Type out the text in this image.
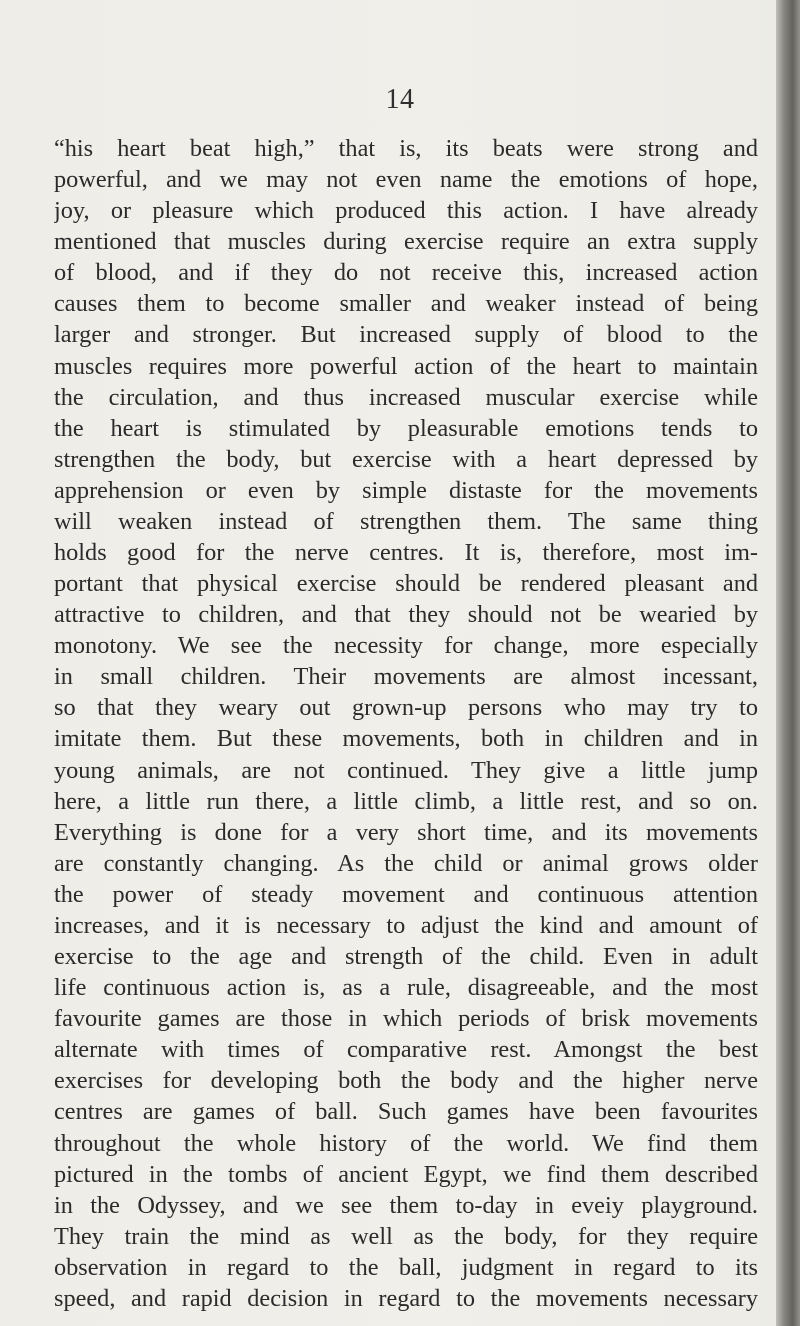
14
“his heart beat high,” that is, its beats were strong and
powerful, and we may not even name the emotions of hope,
joy, or pleasure which produced this action. I have already
mentioned that muscles during exercise require an extra supply
of blood, and if they do not receive this, increased action
causes them to become smaller and weaker instead of being
larger and stronger. But increased supply of blood to the
muscles requires more powerful action of the heart to maintain
the circulation, and thus increased muscular exercise while
the heart is stimulated by pleasurable emotions tends to
strengthen the body, but exercise with a heart depressed by
apprehension or even by simple distaste for the movements
will weaken instead of strengthen them. The same thing
holds good for the nerve centres. It is, therefore, most im-
portant that physical exercise should be rendered pleasant and
attractive to children, and that they should not be wearied by
monotony. We see the necessity for change, more especially
in small children. Their movements are almost incessant,
so that they weary out grown-up persons who may try to
imitate them. But these movements, both in children and in
young animals, are not continued. They give a little jump
here, a little run there, a little climb, a little rest, and so on.
Everything is done for a very short time, and its movements
are constantly changing. As the child or animal grows older
the power of steady movement and continuous attention
increases, and it is necessary to adjust the kind and amount of
exercise to the age and strength of the child. Even in adult
life continuous action is, as a rule, disagreeable, and the most
favourite games are those in which periods of brisk movements
alternate with times of comparative rest. Amongst the best
exercises for developing both the body and the higher nerve
centres are games of ball. Such games have been favourites
throughout the whole history of the world. We find them
pictured in the tombs of ancient Egypt, we find them described
in the Odyssey, and we see them to-day in eveiy playground.
They train the mind as well as the body, for they require
observation in regard to the ball, judgment in regard to its
speed, and rapid decision in regard to the movements necessary
